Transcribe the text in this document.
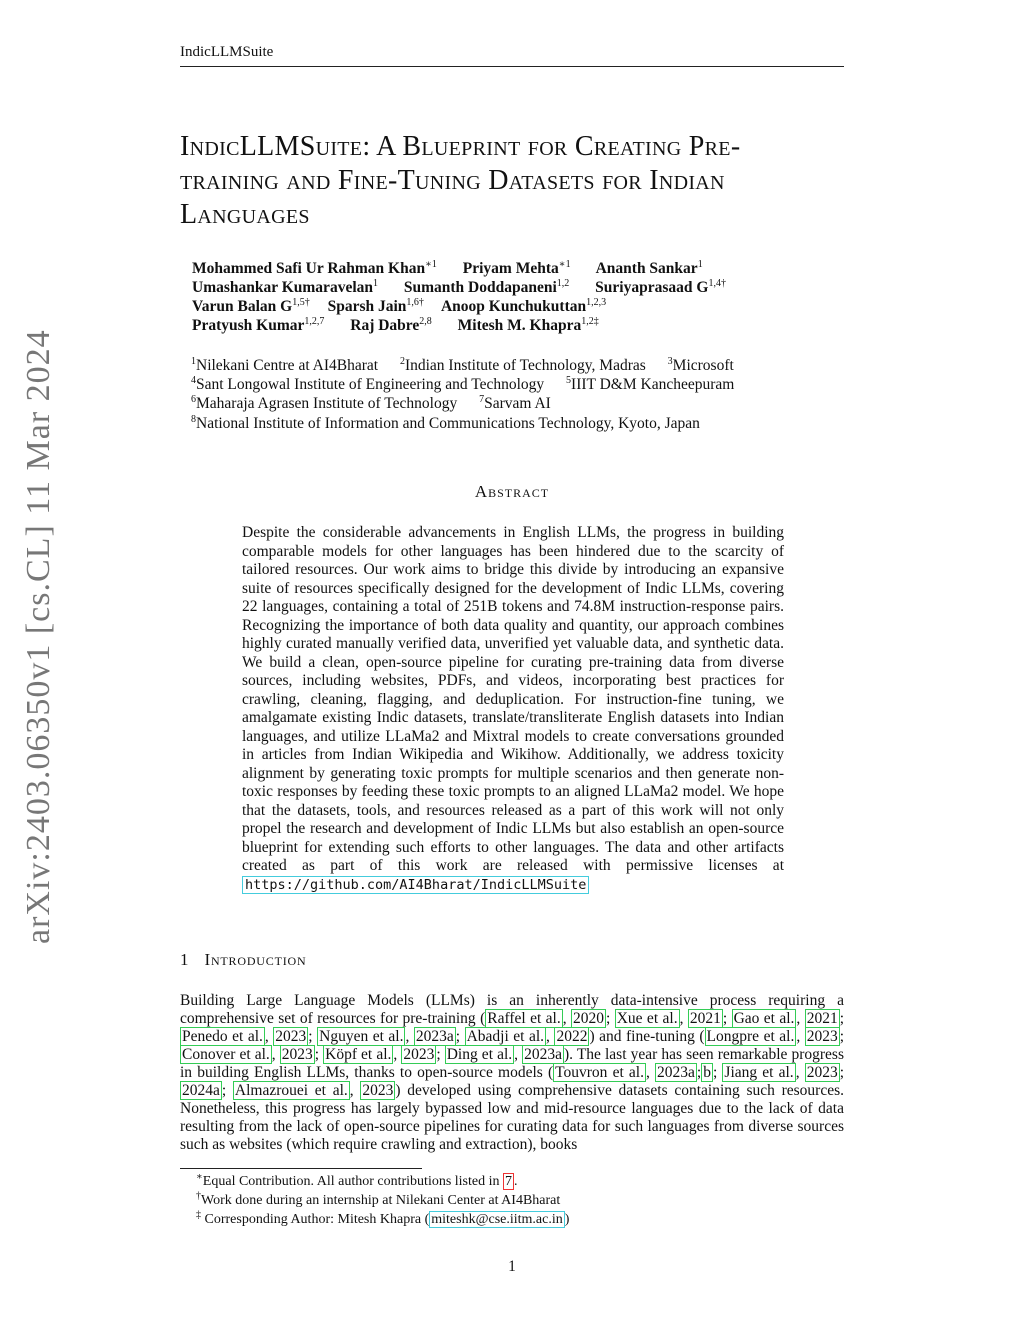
IndicLLMSuite
IndicLLMSuite: A Blueprint for Creating Pre-
training and Fine-Tuning Datasets for Indian
Languages
Mohammed Safi Ur Rahman Khan$^{∗1}$ Priyam Mehta$^{∗1}$ Ananth Sankar$^1$
Umashankar Kumaravelan$^1$ Sumanth Doddapaneni$^{1,2}$ Suriyaprasaad $G^{1,4\dagger}$
Varun Balan $G^{1,5\dagger}$ Sparsh Jain$^{1,6\dagger}$ Anoop Kunchukuttan$^{1,2,3}$
Pratyush Kumar$^{1,2,7}$ Raj Dabre$^{2,8}$ Mitesh M. Khapra$^{1,2\ddagger}$
$^1$Nilekani Centre at AI4Bharat $^2$Indian Institute of Technology, Madras $^3$Microsoft
$^4$Sant Longowal Institute of Engineering and Technology $^5$IIIT D&M Kancheepuram
$^6$Maharaja Agrasen Institute of Technology $^7$Sarvam AI
$^8$National Institute of Information and Communications Technology, Kyoto, Japan
Abstract
Despite the considerable advancements in English LLMs, the progress in building comparable models for other languages has been hindered due to the scarcity of tailored resources. Our work aims to bridge this divide by introducing an expansive suite of resources specifically designed for the development of Indic LLMs, covering 22 languages, containing a total of 251B tokens and 74.8M instruction-response pairs. Recognizing the importance of both data quality and quantity, our approach combines highly curated manually verified data, unverified yet valuable data, and synthetic data. We build a clean, open-source pipeline for curating pre-training data from diverse sources, including websites, PDFs, and videos, incorporating best practices for crawling, cleaning, flagging, and deduplication. For instruction-fine tuning, we amalgamate existing Indic datasets, translate/transliterate English datasets into Indian languages, and utilize LLaMa2 and Mixtral models to create conversations grounded in articles from Indian Wikipedia and Wikihow. Additionally, we address toxicity alignment by generating toxic prompts for multiple scenarios and then generate non-toxic responses by feeding these toxic prompts to an aligned LLaMa2 model. We hope that the datasets, tools, and resources released as a part of this work will not only propel the research and development of Indic LLMs but also establish an open-source blueprint for extending such efforts to other languages. The data and other artifacts created as part of this work are released with permissive licenses at https://github.com/AI4Bharat/IndicLLMSuite
arXiv:2403.06350v1 [cs.CL] 11 Mar 2024
1 Introduction
Building Large Language Models (LLMs) is an inherently data-intensive process requiring a comprehensive set of resources for pre-training ( Raffel et al. , 2020 ; Xue et al. , 2021 ; Gao et al. , 2021 ; Penedo et al. , 2023 ; Nguyen et al. , 2023a ; Abadji et al. , 2022 ) and fine-tuning ( Longpre et al. , 2023 ; Conover et al. , 2023 ; Köpf et al. , 2023 ; Ding et al. , 2023a ). The last year has seen remarkable progress in building English LLMs, thanks to open-source models ( Touvron et al. , 2023a ; b ; Jiang et al. , 2023 ; 2024a ; Almazrouei et al. , 2023 ) developed using comprehensive datasets containing such resources. Nonetheless, this progress has largely bypassed low and mid-resource languages due to the lack of data resulting from the lack of open-source pipelines for curating data for such languages from diverse sources such as websites (which require crawling and extraction), books
∗Equal Contribution. All author contributions listed in 7 .
†Work done during an internship at Nilekani Center at AI4Bharat
‡ Corresponding Author: Mitesh Khapra ( miteshk@cse.iitm.ac.in )
1
